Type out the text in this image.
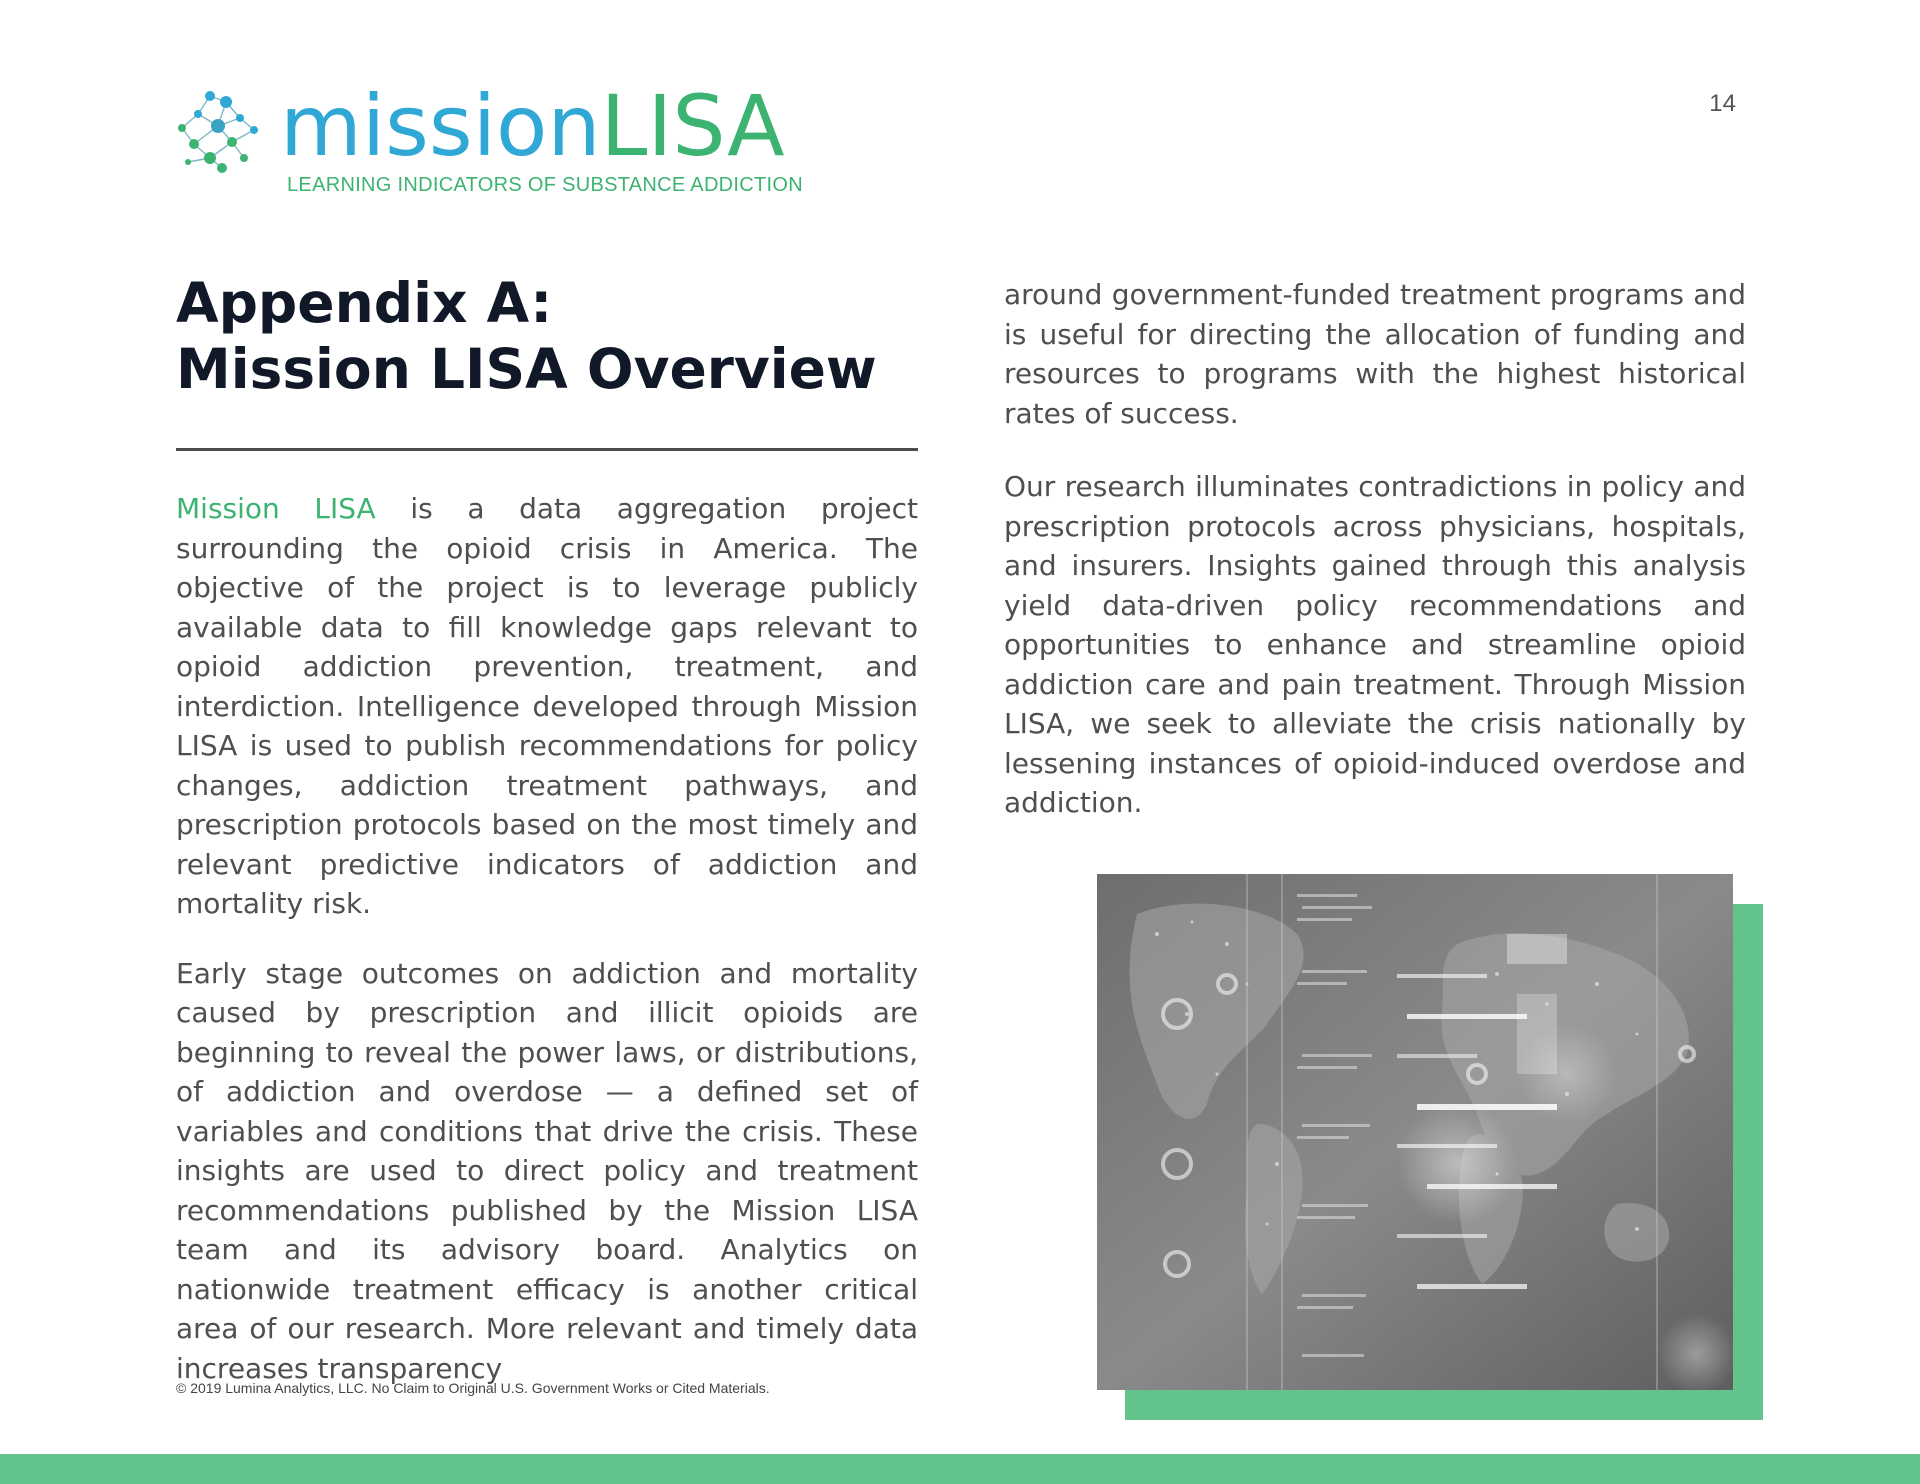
missionLISA
LEARNING INDICATORS OF SUBSTANCE ADDICTION
14
Appendix A:
Mission LISA Overview

Mission LISA is a data aggregation project surrounding the opioid crisis in America. The objective of the project is to leverage publicly available data to fill knowledge gaps relevant to opioid addiction prevention, treatment, and interdiction. Intelligence developed through Mission LISA is used to publish recommendations for policy changes, addiction treatment pathways, and prescription protocols based on the most timely and relevant predictive indicators of addiction and mortality risk.

Early stage outcomes on addiction and mortality caused by prescription and illicit opioids are beginning to reveal the power laws, or distributions, of addiction and overdose — a defined set of variables and conditions that drive the crisis. These insights are used to direct policy and treatment recommendations published by the Mission LISA team and its advisory board. Analytics on nationwide treatment efficacy is another critical area of our research. More relevant and timely data increases transparency

around government-funded treatment programs and is useful for directing the allocation of funding and resources to programs with the highest historical rates of success.

Our research illuminates contradictions in policy and prescription protocols across physicians, hospitals, and insurers. Insights gained through this analysis yield data-driven policy recommendations and opportunities to enhance and streamline opioid addiction care and pain treatment. Through Mission LISA, we seek to alleviate the crisis nationally by lessening instances of opioid-induced overdose and addiction.

© 2019 Lumina Analytics, LLC. No Claim to Original U.S. Government Works or Cited Materials.
